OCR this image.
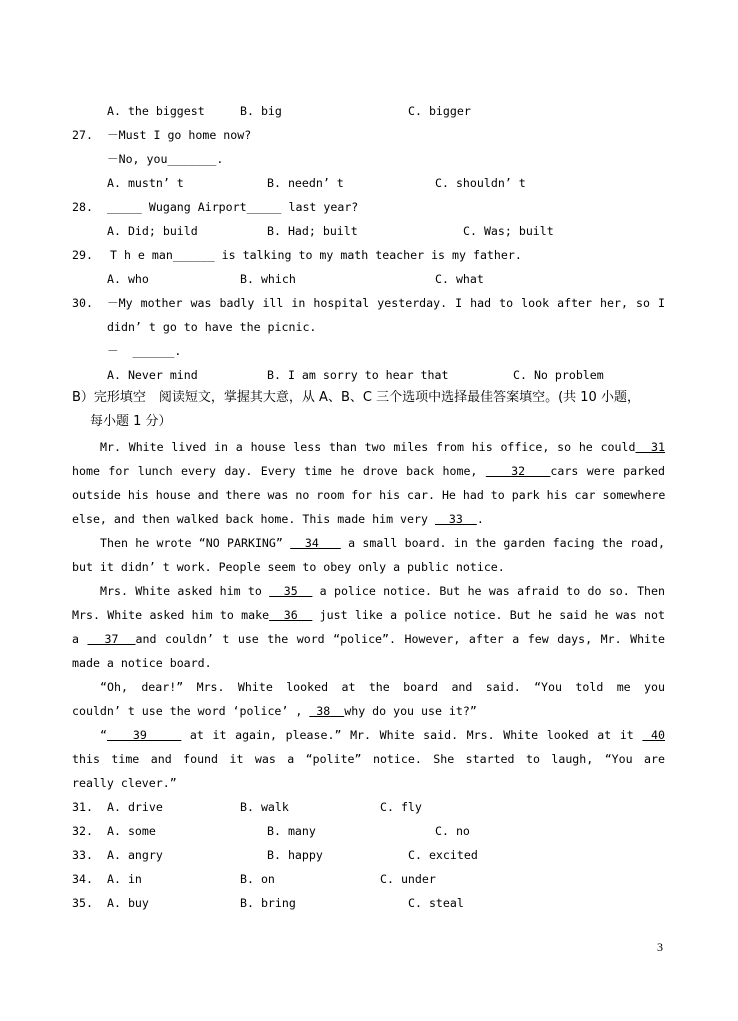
A. the biggest	B. big	C. bigger
27. －Must I go home now?
－No, you_______.
A. mustn’ t	B. needn’ t	C. shouldn’ t
28. _____ Wugang Airport_____ last year?
A. Did; build	B. Had; built	C. Was; built
29. T h e man______ is talking to my math teacher is my father.
A. who	B. which	C. what
30. －My mother was badly ill in hospital yesterday. I had to look after her, so I
didn’ t go to have the picnic.
－  ______.
A. Never mind	B. I am sorry to hear that	C. No problem
B）完形填空　阅读短文，掌握其大意，从 A、B、C 三个选项中选择最佳答案填空。(共 10 小题，
每小题 1 分）
Mr. White lived in a house less than two miles from his office, so he could  31
home for lunch every day. Every time he drove back home,    32   cars were parked
outside his house and there was no room for his car. He had to park his car somewhere
else, and then walked back home. This made him very   33  .
Then he wrote “NO PARKING”   34    a small board. in the garden facing the road,
but it didn’ t work. People seem to obey only a public notice.
Mrs. White asked him to   35   a police notice. But he was afraid to do so. Then
Mrs. White asked him to make  36   just like a police notice. But he said he was not
a   37  and couldn’ t use the word “police”. However, after a few days, Mr. White
made a notice board.
“Oh, dear!” Mrs. White looked at the board and said. “You told me you
couldn’ t use the word ‘police’ ,  38  why do you use it?”
“   39     at it again, please.” Mr. White said. Mrs. White looked at it  40
this time and found it was a “polite” notice. She started to laugh, “You are
really clever.”
31. A. drive	B. walk	C. fly
32. A. some	B. many	C. no
33. A. angry	B. happy	C. excited
34. A. in	B. on	C. under
35. A. buy	B. bring	C. steal
3
